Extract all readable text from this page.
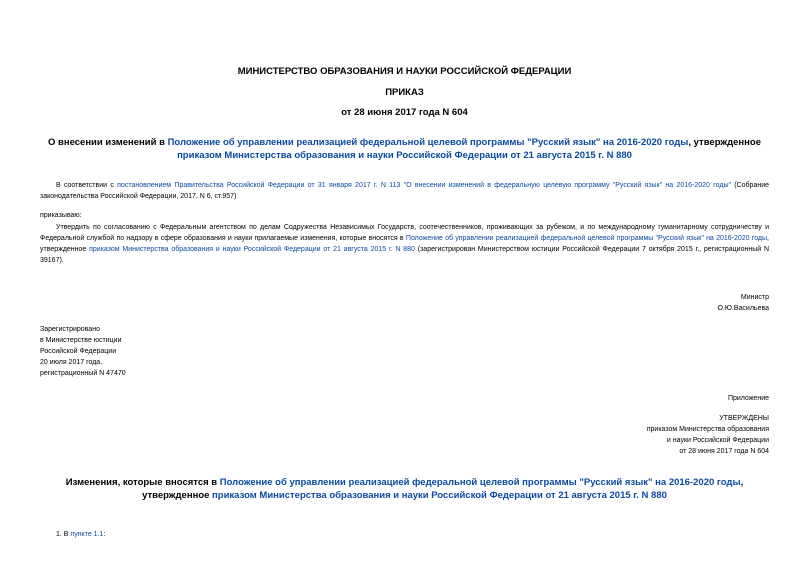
МИНИСТЕРСТВО ОБРАЗОВАНИЯ И НАУКИ РОССИЙСКОЙ ФЕДЕРАЦИИ
ПРИКАЗ
от 28 июня 2017 года N 604
О внесении изменений в Положение об управлении реализацией федеральной целевой программы "Русский язык" на 2016-2020 годы, утвержденное приказом Министерства образования и науки Российской Федерации от 21 августа 2015 г. N 880
В соответствии с постановлением Правительства Российской Федерации от 31 января 2017 г. N 113 "О внесении изменений в федеральную целевую программу "Русский язык" на 2016-2020 годы" (Собрание законодательства Российской Федерации, 2017, N 6, ст.957)
приказываю:
Утвердить по согласованию с Федеральным агентством по делам Содружества Независимых Государств, соотечественников, проживающих за рубежом, и по международному гуманитарному сотрудничеству и Федеральной службой по надзору в сфере образования и науки прилагаемые изменения, которые вносятся в Положение об управлении реализацией федеральной целевой программы "Русский язык" на 2016-2020 годы, утвержденное приказом Министерства образования и науки Российской Федерации от 21 августа 2015 г. N 880 (зарегистрирован Министерством юстиции Российской Федерации 7 октября 2015 г., регистрационный N 39167).
Министр
О.Ю.Васильева
Зарегистрировано
в Министерстве юстиции
Российской Федерации
20 июля 2017 года,
регистрационный N 47470
Приложение
УТВЕРЖДЕНЫ
приказом Министерства образования
и науки Российской Федерации
от 28 июня 2017 года N 604
Изменения, которые вносятся в Положение об управлении реализацией федеральной целевой программы "Русский язык" на 2016-2020 годы, утвержденное приказом Министерства образования и науки Российской Федерации от 21 августа 2015 г. N 880
1. В пункте 1.1:
